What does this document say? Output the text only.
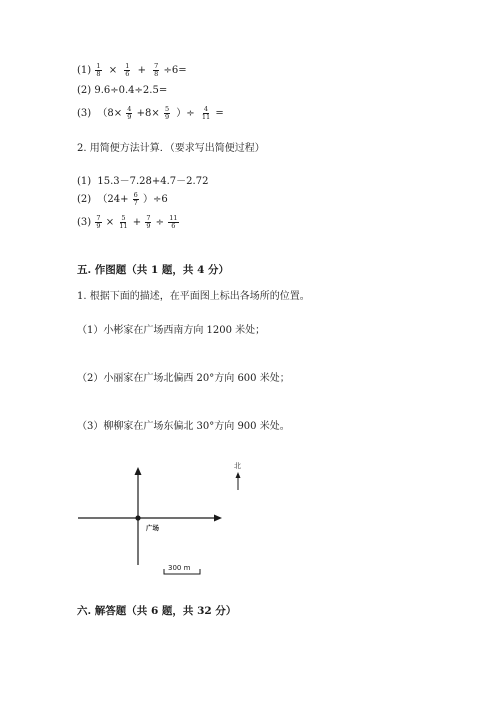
$(1) \frac{1}{8} \times \frac{1}{6} + \frac{7}{8} \div 6=$
(2) 9.6÷0.4÷2.5=
(3) （$8\times \frac{4}{9} +8\times \frac{5}{9}$ ）÷ $\frac{4}{11}$ =
2. 用简便方法计算．（要求写出简便过程）
(1) 15.3－7.28+4.7－2.72
(2) $(24+ \frac{6}{7} )\div 6$
$(3) \frac{7}{9} \times \frac{5}{11} + \frac{7}{9} \div \frac{11}{6}$
五. 作图题（共 1 题，共 4 分）
1. 根据下面的描述，在平面图上标出各场所的位置。
（1）小彬家在广场西南方向 1200 米处；
（2）小丽家在广场北偏西 20°方向 600 米处；
（3）柳柳家在广场东偏北 30°方向 900 米处。
广场
北
300 m
六. 解答题（共 6 题，共 32 分）
